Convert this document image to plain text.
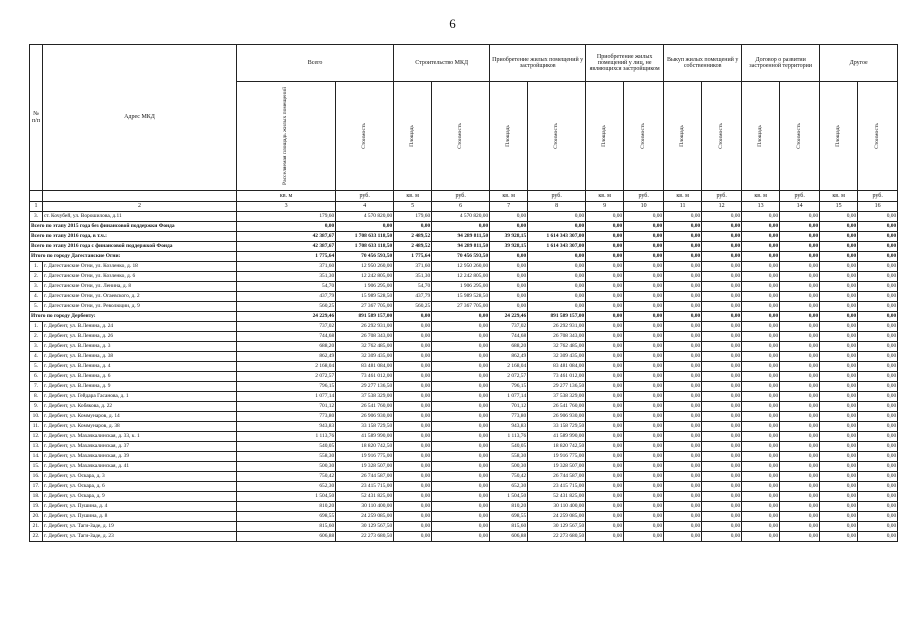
6
№ п/п	Адрес МКД	Всего		Строительство МКД		Приобретение жилых помещений у застройщиков		Приобретение жилых помещений у лиц, не являющихся застройщиком		Выкуп жилых помещений у собственников		Договор о развитии застроенной территории		Другое	

		Расселяемая площадь жилых помещений	Стоимость	Площадь	Стоимость	Площадь	Стоимость	Площадь	Стоимость	Площадь	Стоимость	Площадь	Стоимость	Площадь	Стоимость

		кв. м	руб.	кв. м	руб.	кв. м	руб.	кв. м	руб.	кв. м	руб.	кв. м	руб.	кв. м	руб.
1	2	3	4	5	6	7	8	9	10	11	12	13	14	15	16
3.	ст. Кочубей, ул. Ворошилова, д.11	179,60	4 570 820,00	179,60	4 570 820,00	0,00	0,00	0,00	0,00	0,00	0,00	0,00	0,00	0,00	0,00
Всего по этапу 2015 года без финансовой поддержки Фонда		0,00	0,00	0,00	0,00	0,00	0,00	0,00	0,00	0,00	0,00	0,00	0,00	0,00	0,00
Всего по этапу 2016 года, в т.ч.:		42 387,67	1 708 633 118,50	2 489,52	94 289 811,50	39 928,15	1 614 343 307,00	0,00	0,00	0,00	0,00	0,00	0,00	0,00	0,00
Всего по этапу 2016 года с финансовой поддержкой Фонда		42 387,67	1 708 633 118,50	2 489,52	94 289 811,50	39 928,15	1 614 343 307,00	0,00	0,00	0,00	0,00	0,00	0,00	0,00	0,00
Итого по городу Дагестанские Огни:		1 775,64	70 456 593,50	1 775,64	70 456 593,50	0,00	0,00	0,00	0,00	0,00	0,00	0,00	0,00	0,00	0,00
1.	г. Дагестанские Огни, ул. Козленко, д. 18	371,60	12 950 260,00	371,60	12 950 260,00	0,00	0,00	0,00	0,00	0,00	0,00	0,00	0,00	0,00	0,00
2.	г. Дагестанские Огни, ул. Козленко, д. 6	351,30	12 242 805,00	351,30	12 242 805,00	0,00	0,00	0,00	0,00	0,00	0,00	0,00	0,00	0,00	0,00
3.	г. Дагестанские Огни, ул. Ленина, д. 8	54,70	1 906 295,00	54,70	1 906 295,00	0,00	0,00	0,00	0,00	0,00	0,00	0,00	0,00	0,00	0,00
4.	г. Дагестанские Огни, ул. Огаевского, д. 2	437,79	15 989 528,50	437,79	15 989 528,50	0,00	0,00	0,00	0,00	0,00	0,00	0,00	0,00	0,00	0,00
5.	г. Дагестанские Огни, ул. Революции, д. 9	560,25	27 367 705,00	560,25	27 367 705,00	0,00	0,00	0,00	0,00	0,00	0,00	0,00	0,00	0,00	0,00
Итого по городу Дербенту:		24 229,46	891 589 157,00	0,00	0,00	24 229,46	891 589 157,00	0,00	0,00	0,00	0,00	0,00	0,00	0,00	0,00
1.	г. Дербент, ул. В.Ленина, д. 24	737,02	26 292 931,00	0,00	0,00	737,02	26 292 931,00	0,00	0,00	0,00	0,00	0,00	0,00	0,00	0,00
2.	г. Дербент, ул. В.Ленина, д. 26	744,68	26 708 343,00	0,00	0,00	744,68	26 708 343,00	0,00	0,00	0,00	0,00	0,00	0,00	0,00	0,00
3.	г. Дербент, ул. В.Ленина, д. 3	688,20	32 762 485,00	0,00	0,00	688,20	32 762 485,00	0,00	0,00	0,00	0,00	0,00	0,00	0,00	0,00
4.	г. Дербент, ул. В.Ленина, д. 38	862,49	32 309 435,00	0,00	0,00	862,49	32 309 435,00	0,00	0,00	0,00	0,00	0,00	0,00	0,00	0,00
5.	г. Дербент, ул. В.Ленина, д. 4	2 168,04	83 481 084,00	0,00	0,00	2 168,04	83 481 084,00	0,00	0,00	0,00	0,00	0,00	0,00	0,00	0,00
6.	г. Дербент, ул. В.Ленина, д. 6	2 072,57	73 461 012,00	0,00	0,00	2 072,57	73 461 012,00	0,00	0,00	0,00	0,00	0,00	0,00	0,00	0,00
7.	г. Дербент, ул. В.Ленина, д. 9	796,15	29 277 136,50	0,00	0,00	796,15	29 277 136,50	0,00	0,00	0,00	0,00	0,00	0,00	0,00	0,00
8.	г. Дербент, ул. Гейдара Гасанова, д. 1	1 077,14	37 538 329,00	0,00	0,00	1 077,14	37 538 329,00	0,00	0,00	0,00	0,00	0,00	0,00	0,00	0,00
9.	г. Дербент, ул. Кобякова, д. 22	701,12	26 541 760,00	0,00	0,00	701,12	26 541 760,00	0,00	0,00	0,00	0,00	0,00	0,00	0,00	0,00
10.	г. Дербент, ул. Коммунаров, д. 14	773,80	26 906 930,00	0,00	0,00	773,80	26 906 930,00	0,00	0,00	0,00	0,00	0,00	0,00	0,00	0,00
11.	г. Дербент, ул. Коммунаров, д. 38	943,83	33 158 729,50	0,00	0,00	943,83	33 158 729,50	0,00	0,00	0,00	0,00	0,00	0,00	0,00	0,00
12.	г. Дербент, ул. Махачкалинская, д. 33, к. 1	1 113,76	41 589 990,00	0,00	0,00	1 113,76	41 589 990,00	0,00	0,00	0,00	0,00	0,00	0,00	0,00	0,00
13.	г. Дербент, ул. Махачкалинская, д. 37	540,05	18 820 742,50	0,00	0,00	540,05	18 820 742,50	0,00	0,00	0,00	0,00	0,00	0,00	0,00	0,00
14.	г. Дербент, ул. Махачкалинская, д. 39	558,30	19 916 775,00	0,00	0,00	558,30	19 916 775,00	0,00	0,00	0,00	0,00	0,00	0,00	0,00	0,00
15.	г. Дербент, ул. Махачкалинская, д. 41	500,30	19 328 507,00	0,00	0,00	500,30	19 328 507,00	0,00	0,00	0,00	0,00	0,00	0,00	0,00	0,00
16.	г. Дербент, ул. Оскара, д. 3	750,42	26 744 587,00	0,00	0,00	750,42	26 744 587,00	0,00	0,00	0,00	0,00	0,00	0,00	0,00	0,00
17.	г. Дербент, ул. Оскара, д. 6	652,30	23 415 715,00	0,00	0,00	652,30	23 415 715,00	0,00	0,00	0,00	0,00	0,00	0,00	0,00	0,00
18.	г. Дербент, ул. Оскара, д. 9	1 504,50	52 431 825,00	0,00	0,00	1 504,50	52 431 825,00	0,00	0,00	0,00	0,00	0,00	0,00	0,00	0,00
19.	г. Дербент, ул. Пушина, д. 4	810,20	30 110 400,00	0,00	0,00	810,20	30 110 400,00	0,00	0,00	0,00	0,00	0,00	0,00	0,00	0,00
20.	г. Дербент, ул. Пушина, д. 8	698,55	24 259 085,00	0,00	0,00	698,55	24 259 085,00	0,00	0,00	0,00	0,00	0,00	0,00	0,00	0,00
21.	г. Дербент, ул. Таги-Заде, д. 19	815,60	30 129 567,50	0,00	0,00	815,60	30 129 567,50	0,00	0,00	0,00	0,00	0,00	0,00	0,00	0,00
22.	г. Дербент, ул. Таги-Заде, д. 23	606,88	22 273 680,50	0,00	0,00	606,88	22 273 680,50	0,00	0,00	0,00	0,00	0,00	0,00	0,00	0,00
